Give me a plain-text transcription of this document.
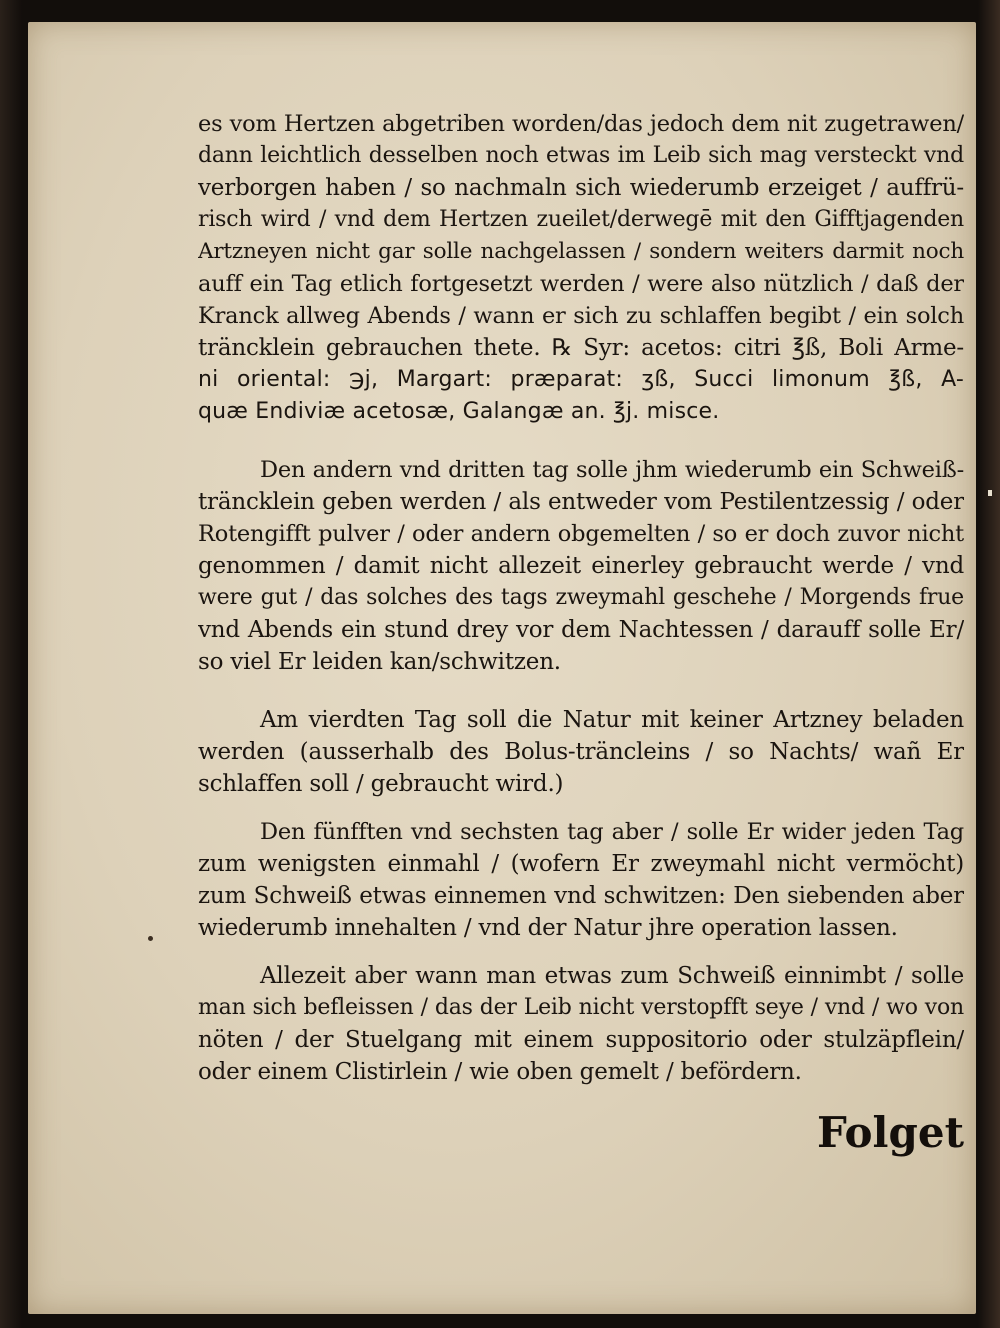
es vom Hertzen abgetriben worden/das jedoch dem nit zugetrawen/
dann leichtlich desselben noch etwas im Leib sich mag versteckt vnd
verborgen haben / so nachmaln sich wiederumb erzeiget / auffrü-
risch wird / vnd dem Hertzen zueilet/derwegē mit den Gifftjagenden
Artzneyen nicht gar solle nachgelassen / sondern weiters darmit noch
auff ein Tag etlich fortgesetzt werden / were also nützlich / daß der
Kranck allweg Abends / wann er sich zu schlaffen begibt / ein solch
träncklein gebrauchen thete. ℞ Syr: acetos: citri ℥ß, Boli Arme-
ni oriental: ℈j, Margart: præparat: ʒß, Succi limonum ℥ß, A-
quæ Endiviæ acetosæ, Galangæ an. ℥j. misce.
Den andern vnd dritten tag solle jhm wiederumb ein Schweiß-
träncklein geben werden / als entweder vom Pestilentzessig / oder
Rotengifft pulver / oder andern obgemelten / so er doch zuvor nicht
genommen / damit nicht allezeit einerley gebraucht werde / vnd
were gut / das solches des tags zweymahl geschehe / Morgends frue
vnd Abends ein stund drey vor dem Nachtessen / darauff solle Er/
so viel Er leiden kan/schwitzen.
Am vierdten Tag soll die Natur mit keiner Artzney beladen
werden (ausserhalb des Bolus-träncleins / so Nachts/ wañ Er
schlaffen soll / gebraucht wird.)
Den fünfften vnd sechsten tag aber / solle Er wider jeden Tag
zum wenigsten einmahl / (wofern Er zweymahl nicht vermöcht)
zum Schweiß etwas einnemen vnd schwitzen: Den siebenden aber
wiederumb innehalten / vnd der Natur jhre operation lassen.
Allezeit aber wann man etwas zum Schweiß einnimbt / solle
man sich befleissen / das der Leib nicht verstopfft seye / vnd / wo von
nöten / der Stuelgang mit einem suppositorio oder stulzäpflein/
oder einem Clistirlein / wie oben gemelt / befördern.
Folget
